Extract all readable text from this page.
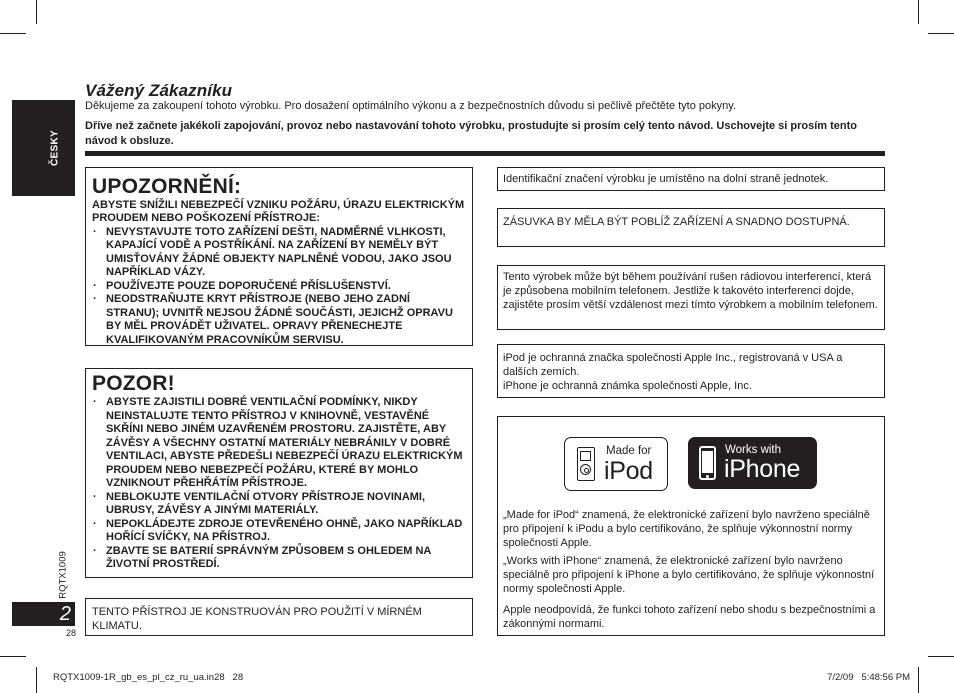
ČESKY
RQTX1009
2
28
Vážený Zákazníku
Děkujeme za zakoupení tohoto výrobku. Pro dosažení optimálního výkonu a z bezpečnostních důvodu si pečlivě přečtěte tyto pokyny.
Dříve než začnete jakékoli zapojování, provoz nebo nastavování tohoto výrobku, prostudujte si prosím celý tento návod. Uschovejte si prosím tento návod k obsluze.
UPOZORNĚNÍ:
ABYSTE SNÍŽILI NEBEZPEČÍ VZNIKU POŽÁRU, ÚRAZU ELEKTRICKÝM PROUDEM NEBO POŠKOZENÍ PŘÍSTROJE:
· NEVYSTAVUJTE TOTO ZAŘÍZENÍ DEŠTI, NADMĚRNÉ VLHKOSTI, KAPAJÍCÍ VODĚ A POSTŘÍKÁNÍ. NA ZAŘÍZENÍ BY NEMĚLY BÝT UMISŤOVÁNY ŽÁDNÉ OBJEKTY NAPLNĚNÉ VODOU, JAKO JSOU NAPŘÍKLAD VÁZY.
· POUŽÍVEJTE POUZE DOPORUČENÉ PŘÍSLUŠENSTVÍ.
· NEODSTRAŇUJTE KRYT PŘÍSTROJE (NEBO JEHO ZADNÍ STRANU); UVNITŘ NEJSOU ŽÁDNÉ SOUČÁSTI, JEJICHŽ OPRAVU BY MĚL PROVÁDĚT UŽIVATEL. OPRAVY PŘENECHEJTE KVALIFIKOVANÝM PRACOVNÍKŮM SERVISU.
POZOR!
· ABYSTE ZAJISTILI DOBRÉ VENTILAČNÍ PODMÍNKY, NIKDY NEINSTALUJTE TENTO PŘÍSTROJ V KNIHOVNĚ, VESTAVĚNÉ SKŘÍNI NEBO JINÉM UZAVŘENÉM PROSTORU. ZAJISTĚTE, ABY ZÁVĚSY A VŠECHNY OSTATNÍ MATERIÁLY NEBRÁNILY V DOBRÉ VENTILACI, ABYSTE PŘEDEŠLI NEBEZPEČÍ ÚRAZU ELEKTRICKÝM PROUDEM NEBO NEBEZPEČÍ POŽÁRU, KTERÉ BY MOHLO VZNIKNOUT PŘEHŘÁTÍM PŘÍSTROJE.
· NEBLOKUJTE VENTILAČNÍ OTVORY PŘÍSTROJE NOVINAMI, UBRUSY, ZÁVĚSY A JINÝMI MATERIÁLY.
· NEPOKLÁDEJTE ZDROJE OTEVŘENÉHO OHNĚ, JAKO NAPŘÍKLAD HOŘÍCÍ SVÍČKY, NA PŘÍSTROJ.
· ZBAVTE SE BATERIÍ SPRÁVNÝM ZPŮSOBEM S OHLEDEM NA ŽIVOTNÍ PROSTŘEDÍ.

TENTO PŘÍSTROJ JE KONSTRUOVÁN PRO POUŽITÍ V MÍRNÉM KLIMATU.

Identifikační značení výrobku je umístěno na dolní straně jednotek.

ZÁSUVKA BY MĚLA BÝT POBLÍŽ ZAŘÍZENÍ A SNADNO DOSTUPNÁ.

Tento výrobek může být během používání rušen rádiovou interferencí, která je způsobena mobilním telefonem. Jestliže k takovéto interferenci dojde, zajistěte prosím větší vzdálenost mezi tímto výrobkem a mobilním telefonem.

iPod je ochranná značka společnosti Apple Inc., registrovaná v USA a dalších zemích.

iPhone je ochranná známka společnosti Apple, Inc.

„Made for iPod“ znamená, že elektronické zařízení bylo navrženo speciálně pro připojení k iPodu a bylo certifikováno, že splňuje výkonnostní normy společnosti Apple.

„Works with iPhone“ znamená, že elektronické zařízení bylo navrženo speciálně pro připojení k iPhone a bylo certifikováno, že splňuje výkonnostní normy společnosti Apple.

Apple neodpovídá, že funkci tohoto zařízení nebo shodu s bezpečnostními a zákonnými normami.

Made for
iPod
Works with
iPhone
RQTX1009-1R_gb_es_pl_cz_ru_ua.in28   28	7/2/09   5:48:56 PM
